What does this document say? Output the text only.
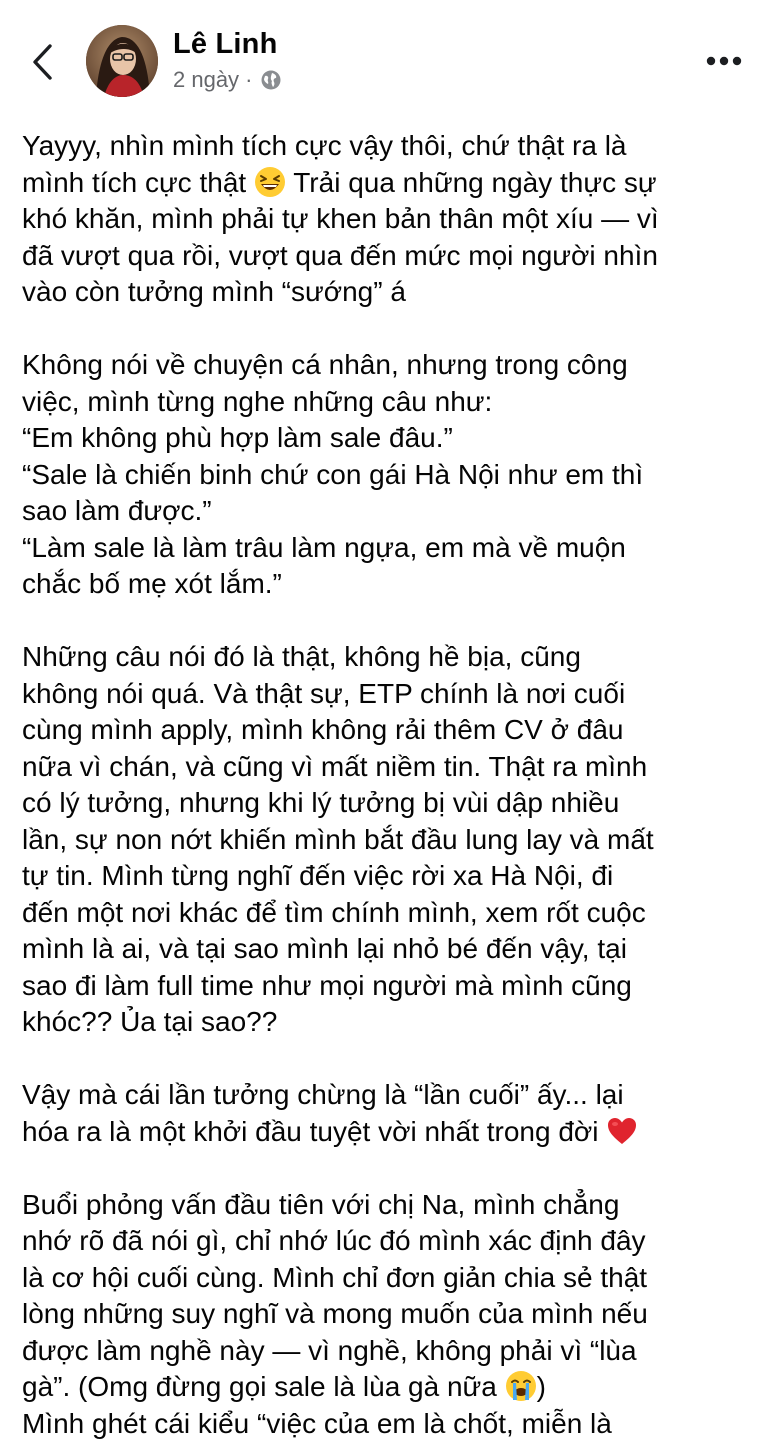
Lê Linh
2 ngày ·

Yayyy, nhìn mình tích cực vậy thôi, chứ thật ra là
mình tích cực thật  Trải qua những ngày thực sự
khó khăn, mình phải tự khen bản thân một xíu — vì
đã vượt qua rồi, vượt qua đến mức mọi người nhìn
vào còn tưởng mình “sướng” á

Không nói về chuyện cá nhân, nhưng trong công
việc, mình từng nghe những câu như:
“Em không phù hợp làm sale đâu.”
“Sale là chiến binh chứ con gái Hà Nội như em thì
sao làm được.”
“Làm sale là làm trâu làm ngựa, em mà về muộn
chắc bố mẹ xót lắm.”

Những câu nói đó là thật, không hề bịa, cũng
không nói quá. Và thật sự, ETP chính là nơi cuối
cùng mình apply, mình không rải thêm CV ở đâu
nữa vì chán, và cũng vì mất niềm tin. Thật ra mình
có lý tưởng, nhưng khi lý tưởng bị vùi dập nhiều
lần, sự non nớt khiến mình bắt đầu lung lay và mất
tự tin. Mình từng nghĩ đến việc rời xa Hà Nội, đi
đến một nơi khác để tìm chính mình, xem rốt cuộc
mình là ai, và tại sao mình lại nhỏ bé đến vậy, tại
sao đi làm full time như mọi người mà mình cũng
khóc?? Ủa tại sao??

Vậy mà cái lần tưởng chừng là “lần cuối” ấy... lại
hóa ra là một khởi đầu tuyệt vời nhất trong đời

Buổi phỏng vấn đầu tiên với chị Na, mình chẳng
nhớ rõ đã nói gì, chỉ nhớ lúc đó mình xác định đây
là cơ hội cuối cùng. Mình chỉ đơn giản chia sẻ thật
lòng những suy nghĩ và mong muốn của mình nếu
được làm nghề này — vì nghề, không phải vì “lùa
gà”. (Omg đừng gọi sale là lùa gà nữa )
Mình ghét cái kiểu “việc của em là chốt, miễn là
